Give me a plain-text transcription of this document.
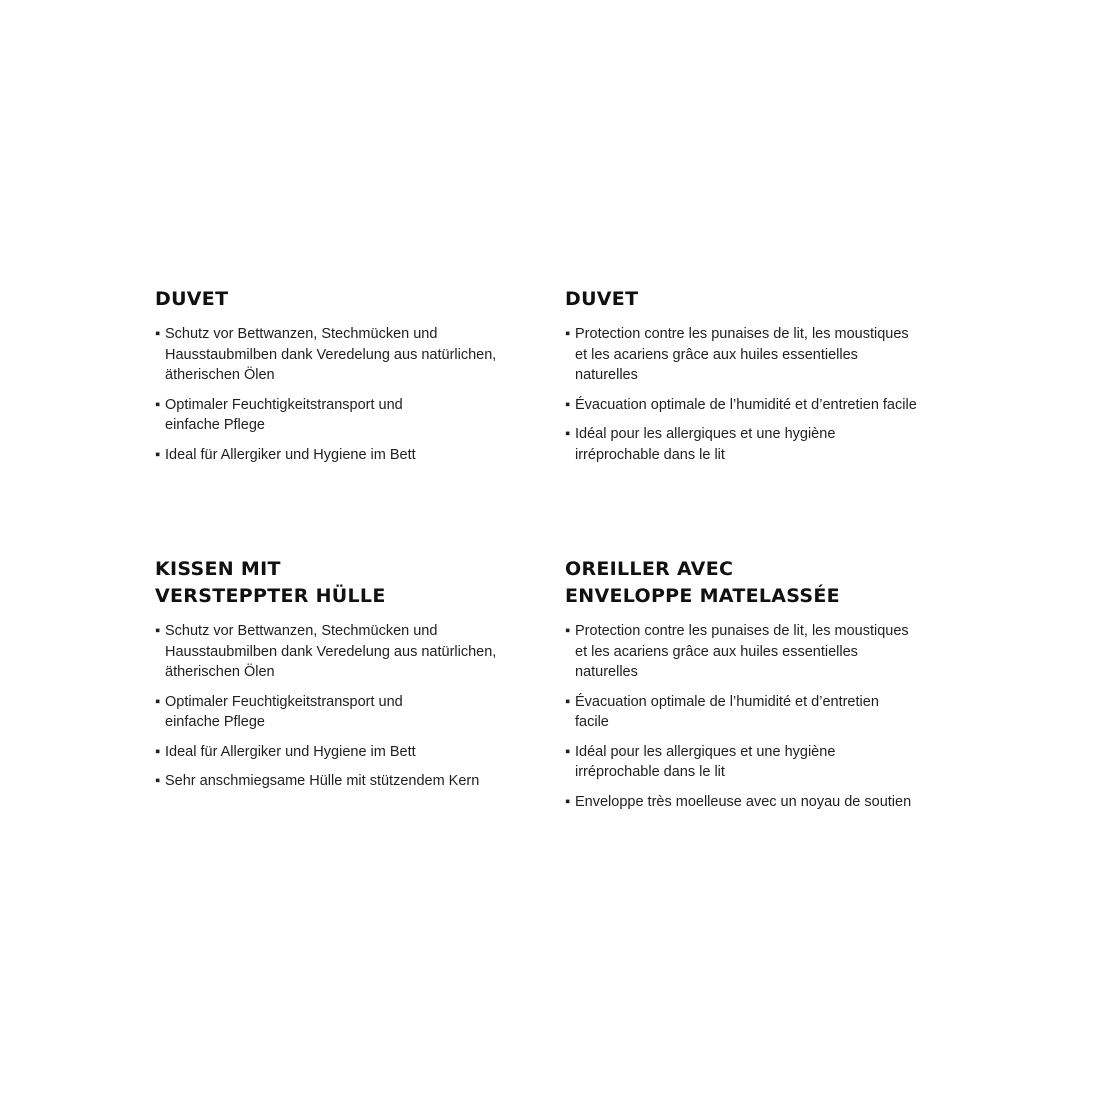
DUVET
▪ Schutz vor Bettwanzen, Stechmücken und
Hausstaubmilben dank Veredelung aus natürlichen,
ätherischen Ölen
▪ Optimaler Feuchtigkeitstransport und
einfache Pflege
▪ Ideal für Allergiker und Hygiene im Bett
DUVET
▪ Protection contre les punaises de lit, les moustiques
et les acariens grâce aux huiles essentielles
naturelles
▪ Évacuation optimale de l’humidité et d’entretien facile
▪ Idéal pour les allergiques et une hygiène
irréprochable dans le lit
KISSEN MIT
VERSTEPPTER HÜLLE
▪ Schutz vor Bettwanzen, Stechmücken und
Hausstaubmilben dank Veredelung aus natürlichen,
ätherischen Ölen
▪ Optimaler Feuchtigkeitstransport und
einfache Pflege
▪ Ideal für Allergiker und Hygiene im Bett
▪ Sehr anschmiegsame Hülle mit stützendem Kern
OREILLER AVEC
ENVELOPPE MATELASSÉE
▪ Protection contre les punaises de lit, les moustiques
et les acariens grâce aux huiles essentielles
naturelles
▪ Évacuation optimale de l’humidité et d’entretien
facile
▪ Idéal pour les allergiques et une hygiène
irréprochable dans le lit
▪ Enveloppe très moelleuse avec un noyau de soutien
